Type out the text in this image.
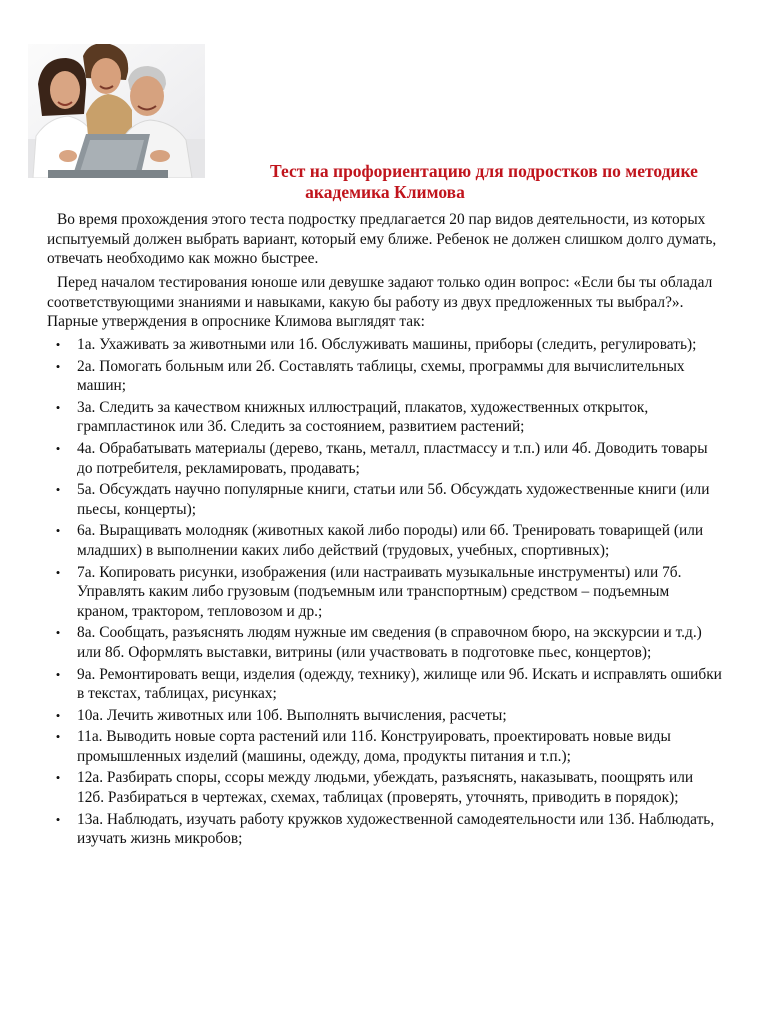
Тест на профориентацию для подростков по методике
академика Климова

Во время прохождения этого теста подростку предлагается 20 пар видов деятельности, из которых испытуемый должен выбрать вариант, который ему ближе. Ребенок не должен слишком долго думать, отвечать необходимо как можно быстрее.

Перед началом тестирования юноше или девушке задают только один вопрос: «Если бы ты обладал соответствующими знаниями и навыками, какую бы работу из двух предложенных ты выбрал?». Парные утверждения в опроснике Климова выглядят так:

• 1а. Ухаживать за животными или 1б. Обслуживать машины, приборы (следить, регулировать);
• 2а. Помогать больным или 2б. Составлять таблицы, схемы, программы для вычислительных машин;
• 3а. Следить за качеством книжных иллюстраций, плакатов, художественных открыток, грампластинок или 3б. Следить за состоянием, развитием растений;
• 4а. Обрабатывать материалы (дерево, ткань, металл, пластмассу и т.п.) или 4б. Доводить товары до потребителя, рекламировать, продавать;
• 5а. Обсуждать научно популярные книги, статьи или 5б. Обсуждать художественные книги (или пьесы, концерты);
• 6а. Выращивать молодняк (животных какой либо породы) или 6б. Тренировать товарищей (или младших) в выполнении каких либо действий (трудовых, учебных, спортивных);
• 7а. Копировать рисунки, изображения (или настраивать музыкальные инструменты) или 7б. Управлять каким либо грузовым (подъемным или транспортным) средством – подъемным краном, трактором, тепловозом и др.;
• 8а. Сообщать, разъяснять людям нужные им сведения (в справочном бюро, на экскурсии и т.д.) или 8б. Оформлять выставки, витрины (или участвовать в подготовке пьес, концертов);
• 9а. Ремонтировать вещи, изделия (одежду, технику), жилище или 9б. Искать и исправлять ошибки в текстах, таблицах, рисунках;
• 10а. Лечить животных или 10б. Выполнять вычисления, расчеты;
• 11а. Выводить новые сорта растений или 11б. Конструировать, проектировать новые виды промышленных изделий (машины, одежду, дома, продукты питания и т.п.);
• 12а. Разбирать споры, ссоры между людьми, убеждать, разъяснять, наказывать, поощрять или 12б. Разбираться в чертежах, схемах, таблицах (проверять, уточнять, приводить в порядок);
• 13а. Наблюдать, изучать работу кружков художественной самодеятельности или 13б. Наблюдать, изучать жизнь микробов;
